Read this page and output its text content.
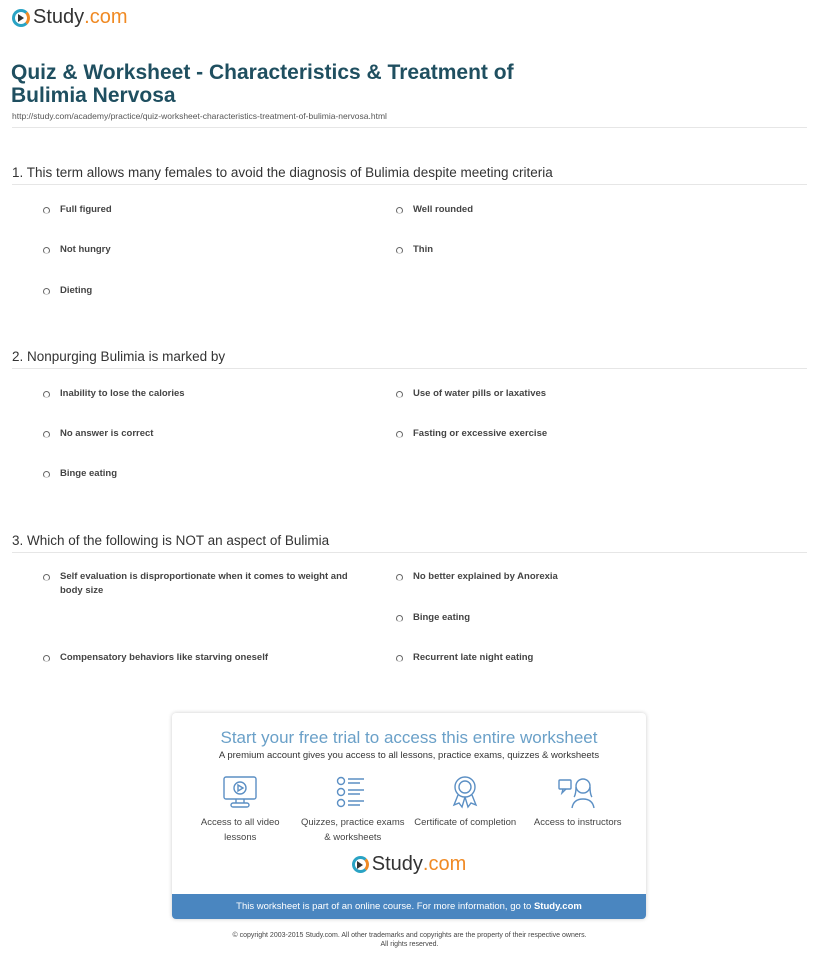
Study .com
Quiz & Worksheet - Characteristics & Treatment of Bulimia Nervosa
http://study.com/academy/practice/quiz-worksheet-characteristics-treatment-of-bulimia-nervosa.html
1. This term allows many females to avoid the diagnosis of Bulimia despite meeting criteria
Full figured	Well rounded
Not hungry	Thin
Dieting
2. Nonpurging Bulimia is marked by
Inability to lose the calories	Use of water pills or laxatives
No answer is correct	Fasting or excessive exercise
Binge eating
3. Which of the following is NOT an aspect of Bulimia
Self evaluation is disproportionate when it comes to weight and body size
No better explained by Anorexia
Binge eating
Compensatory behaviors like starving oneself	Recurrent late night eating
Start your free trial to access this entire worksheet
A premium account gives you access to all lessons, practice exams, quizzes & worksheets
Access to all video lessons
Quizzes, practice exams & worksheets
Certificate of completion	Access to instructors
Study .com
This worksheet is part of an online course. For more information, go to Study.com
© copyright 2003-2015 Study.com. All other trademarks and copyrights are the property of their respective owners.
All rights reserved.
